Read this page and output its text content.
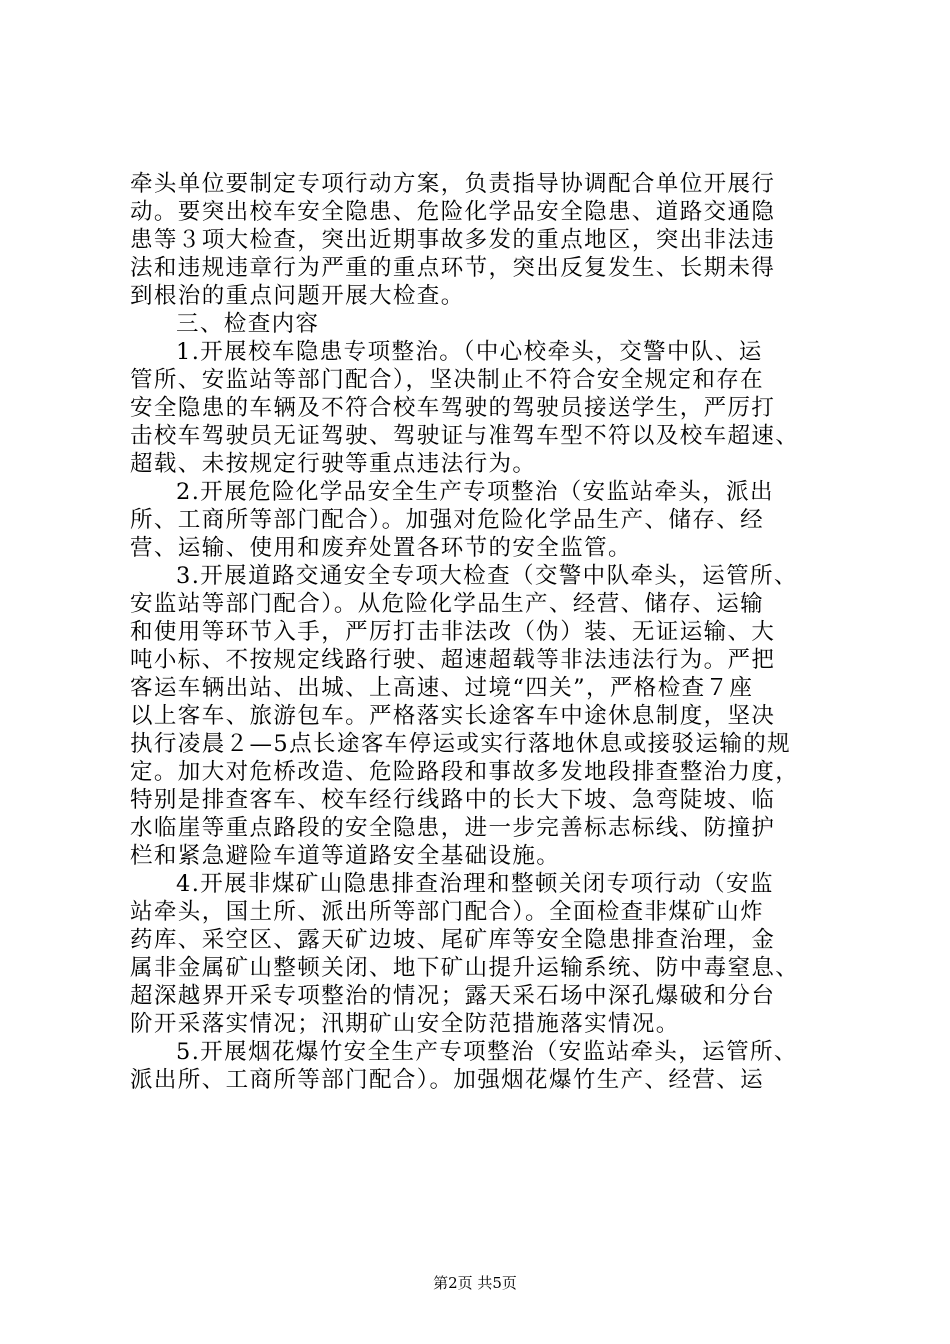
牵头单位要制定专项行动方案，负责指导协调配合单位开展行

动。要突出校车安全隐患、危险化学品安全隐患、道路交通隐

患等３项大检查，突出近期事故多发的重点地区，突出非法违

法和违规违章行为严重的重点环节，突出反复发生、长期未得

到根治的重点问题开展大检查。

三、检查内容

1.开展校车隐患专项整治。（中心校牵头，交警中队、运

管所、安监站等部门配合），坚决制止不符合安全规定和存在

安全隐患的车辆及不符合校车驾驶的驾驶员接送学生，严厉打

击校车驾驶员无证驾驶、驾驶证与准驾车型不符以及校车超速、

超载、未按规定行驶等重点违法行为。

2.开展危险化学品安全生产专项整治（安监站牵头，派出

所、工商所等部门配合）。加强对危险化学品生产、储存、经

营、运输、使用和废弃处置各环节的安全监管。

3.开展道路交通安全专项大检查（交警中队牵头，运管所、

安监站等部门配合）。从危险化学品生产、经营、储存、运输

和使用等环节入手，严厉打击非法改（伪）装、无证运输、大

吨小标、不按规定线路行驶、超速超载等非法违法行为。严把

客运车辆出站、出城、上高速、过境“四关”，严格检查７座

以上客车、旅游包车。严格落实长途客车中途休息制度，坚决

执行凌晨２—5点长途客车停运或实行落地休息或接驳运输的规

定。加大对危桥改造、危险路段和事故多发地段排查整治力度，

特别是排查客车、校车经行线路中的长大下坡、急弯陡坡、临

水临崖等重点路段的安全隐患，进一步完善标志标线、防撞护

栏和紧急避险车道等道路安全基础设施。

4.开展非煤矿山隐患排查治理和整顿关闭专项行动（安监

站牵头，国土所、派出所等部门配合）。全面检查非煤矿山炸

药库、采空区、露天矿边坡、尾矿库等安全隐患排查治理，金

属非金属矿山整顿关闭、地下矿山提升运输系统、防中毒窒息、

超深越界开采专项整治的情况；露天采石场中深孔爆破和分台

阶开采落实情况；汛期矿山安全防范措施落实情况。

5.开展烟花爆竹安全生产专项整治（安监站牵头，运管所、

派出所、工商所等部门配合）。加强烟花爆竹生产、经营、运

第2页 共5页
